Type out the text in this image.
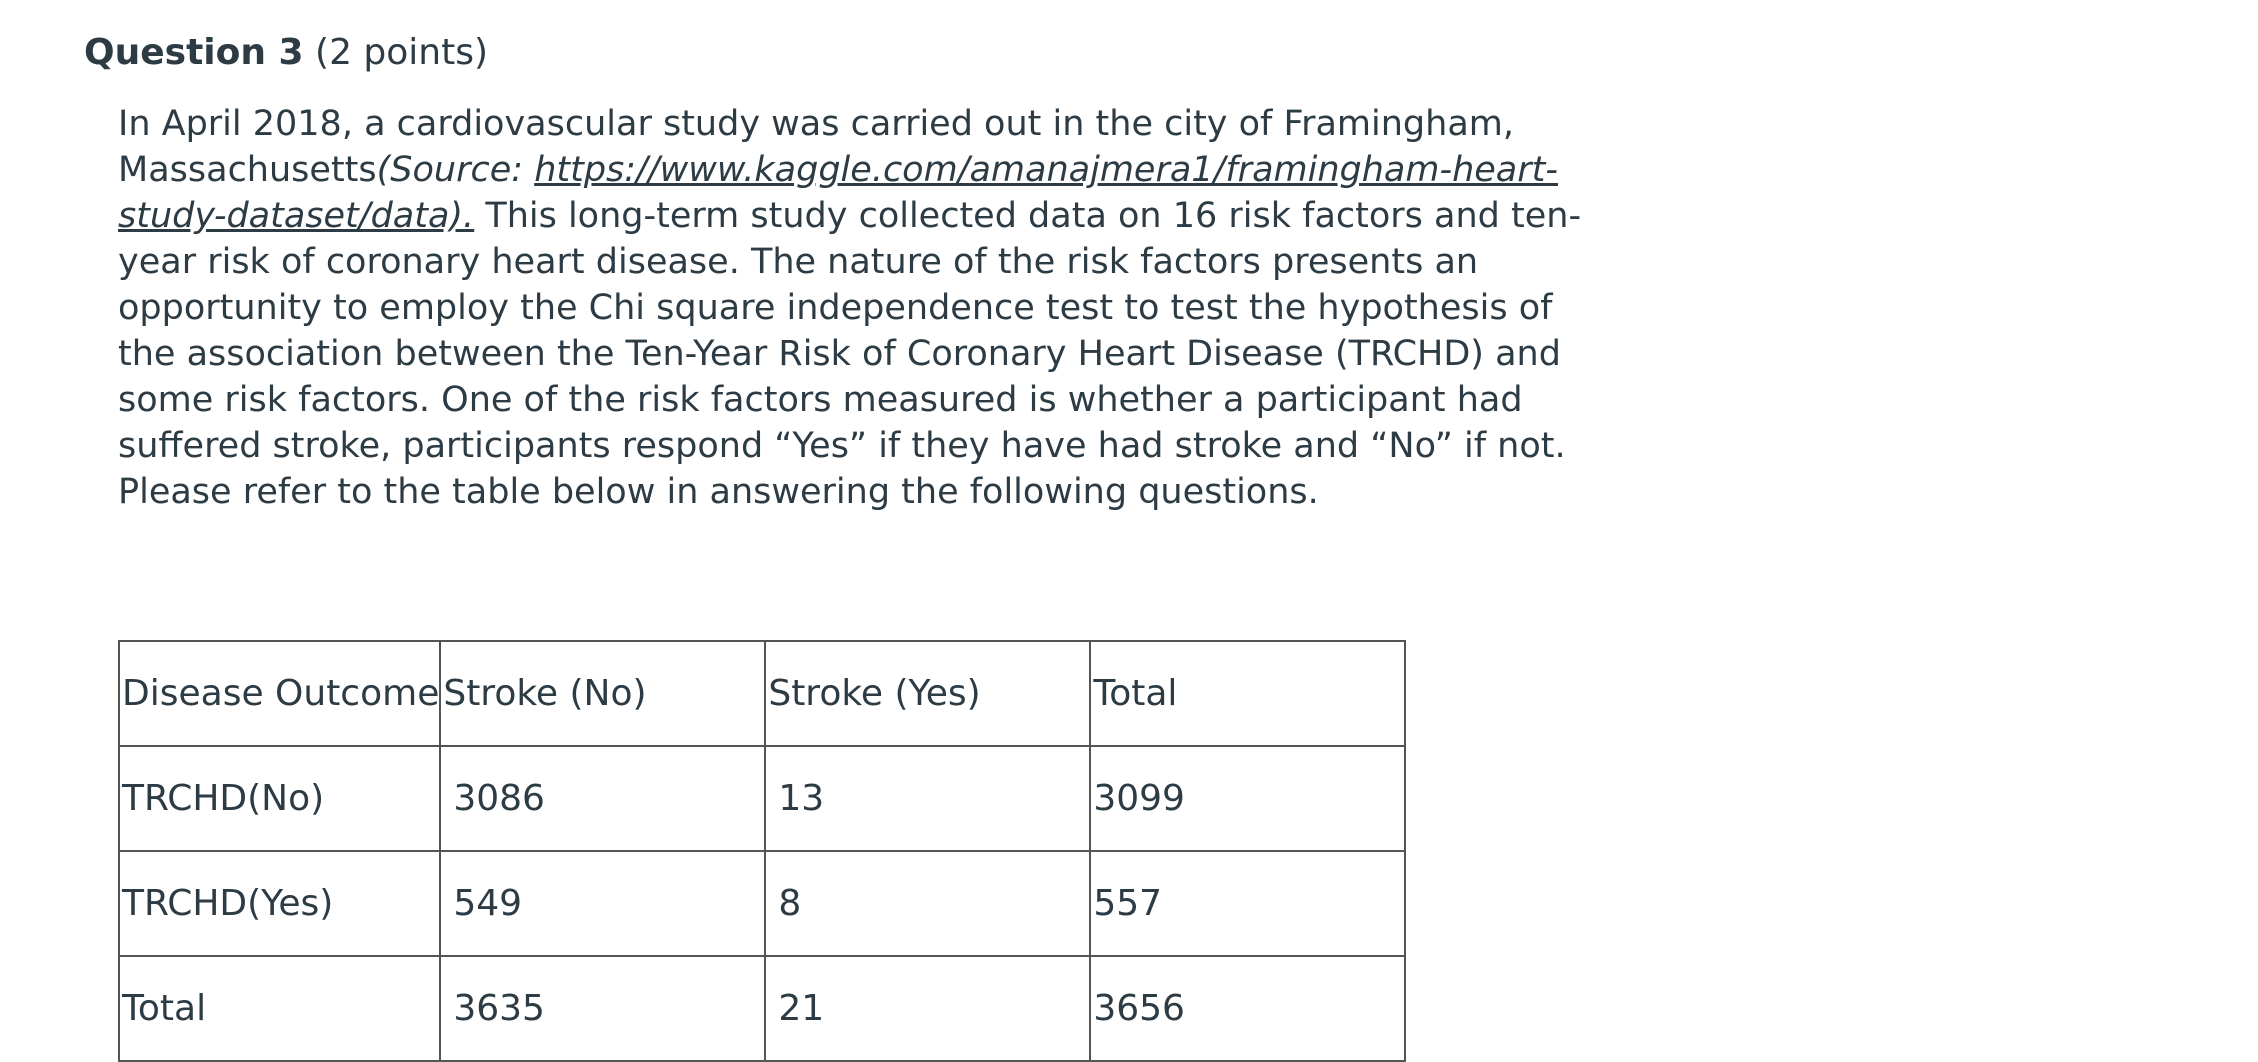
Question 3 (2 points)
In April 2018, a cardiovascular study was carried out in the city of Framingham,
Massachusetts(Source: https://www.kaggle.com/amanajmera1/framingham-heart-
study-dataset/data). This long-term study collected data on 16 risk factors and ten-
year risk of coronary heart disease. The nature of the risk factors presents an
opportunity to employ the Chi square independence test to test the hypothesis of
the association between the Ten-Year Risk of Coronary Heart Disease (TRCHD) and
some risk factors. One of the risk factors measured is whether a participant had
suffered stroke, participants respond “Yes” if they have had stroke and “No” if not.
Please refer to the table below in answering the following questions.
Disease Outcome	Stroke (No)	Stroke (Yes)	Total
TRCHD(No)	3086	13	3099
TRCHD(Yes)	549	8	557
Total	3635	21	3656
